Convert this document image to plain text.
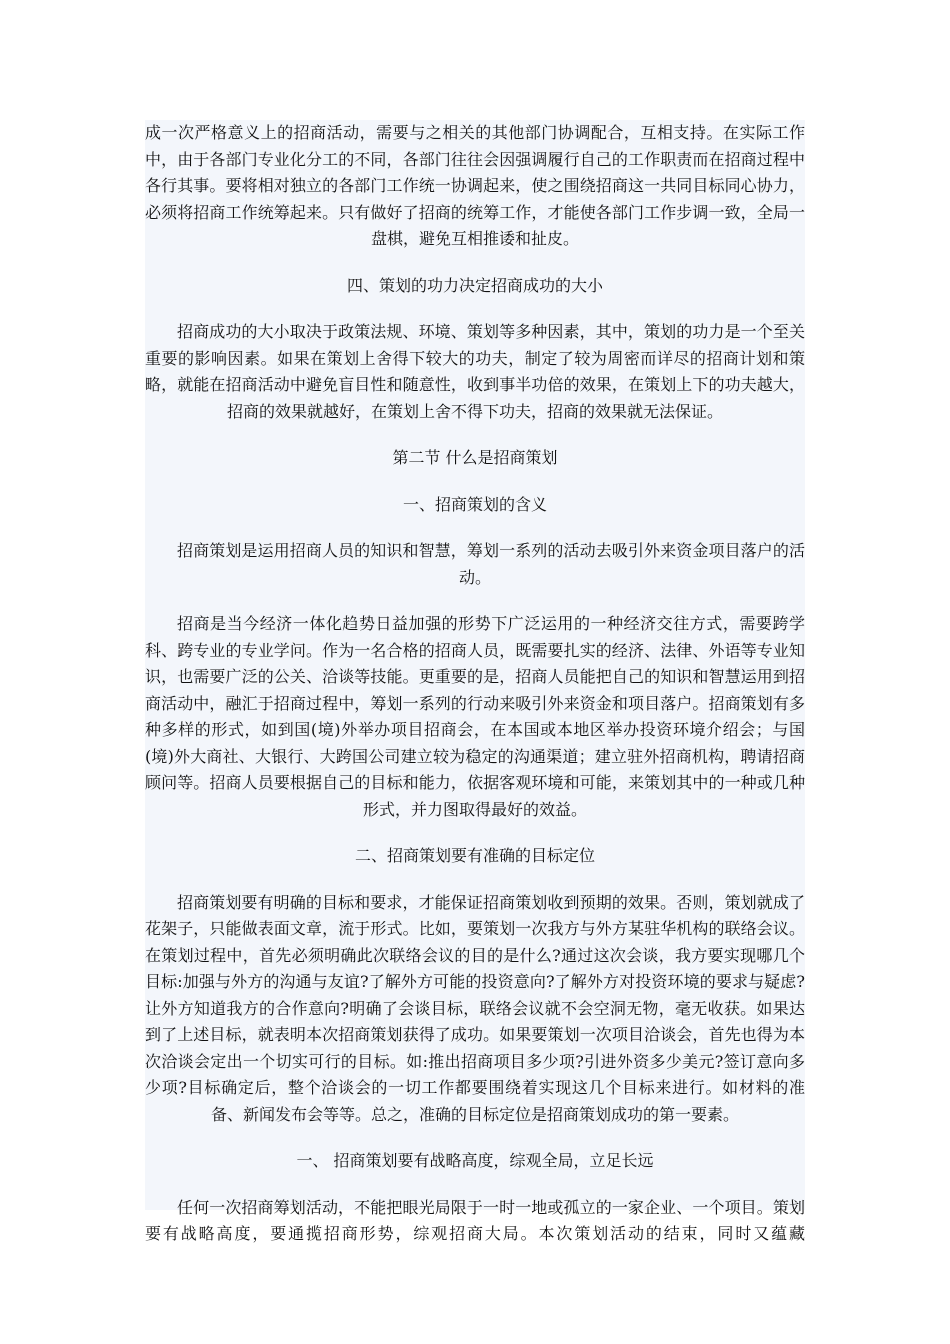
成一次严格意义上的招商活动，需要与之相关的其他部门协调配合，互相支持。在实际工作中，由于各部门专业化分工的不同，各部门往往会因强调履行自己的工作职责而在招商过程中各行其事。要将相对独立的各部门工作统一协调起来，使之围绕招商这一共同目标同心协力，必须将招商工作统筹起来。只有做好了招商的统筹工作，才能使各部门工作步调一致，全局一盘棋，避免互相推诿和扯皮。

四、策划的功力决定招商成功的大小

招商成功的大小取决于政策法规、环境、策划等多种因素，其中，策划的功力是一个至关重要的影响因素。如果在策划上舍得下较大的功夫，制定了较为周密而详尽的招商计划和策略，就能在招商活动中避免盲目性和随意性，收到事半功倍的效果，在策划上下的功夫越大，招商的效果就越好，在策划上舍不得下功夫，招商的效果就无法保证。

第二节 什么是招商策划

一、招商策划的含义

招商策划是运用招商人员的知识和智慧，筹划一系列的活动去吸引外来资金项目落户的活动。

招商是当今经济一体化趋势日益加强的形势下广泛运用的一种经济交往方式，需要跨学科、跨专业的专业学问。作为一名合格的招商人员，既需要扎实的经济、法律、外语等专业知识，也需要广泛的公关、洽谈等技能。更重要的是，招商人员能把自己的知识和智慧运用到招商活动中，融汇于招商过程中，筹划一系列的行动来吸引外来资金和项目落户。招商策划有多种多样的形式，如到国(境)外举办项目招商会，在本国或本地区举办投资环境介绍会；与国(境)外大商社、大银行、大跨国公司建立较为稳定的沟通渠道；建立驻外招商机构，聘请招商顾问等。招商人员要根据自己的目标和能力，依据客观环境和可能，来策划其中的一种或几种形式，并力图取得最好的效益。

二、招商策划要有准确的目标定位

招商策划要有明确的目标和要求，才能保证招商策划收到预期的效果。否则，策划就成了花架子，只能做表面文章，流于形式。比如，要策划一次我方与外方某驻华机构的联络会议。在策划过程中，首先必须明确此次联络会议的目的是什么?通过这次会谈，我方要实现哪几个目标:加强与外方的沟通与友谊?了解外方可能的投资意向?了解外方对投资环境的要求与疑虑?让外方知道我方的合作意向?明确了会谈目标，联络会议就不会空洞无物，毫无收获。如果达到了上述目标，就表明本次招商策划获得了成功。如果要策划一次项目洽谈会，首先也得为本次洽谈会定出一个切实可行的目标。如:推出招商项目多少项?引进外资多少美元?签订意向多少项?目标确定后，整个洽谈会的一切工作都要围绕着实现这几个目标来进行。如材料的准备、新闻发布会等等。总之，准确的目标定位是招商策划成功的第一要素。

一、 招商策划要有战略高度，综观全局，立足长远

任何一次招商筹划活动，不能把眼光局限于一时一地或孤立的一家企业、一个项目。策划要有战略高度，要通揽招商形势，综观招商大局。本次策划活动的结束，同时又蕴藏
